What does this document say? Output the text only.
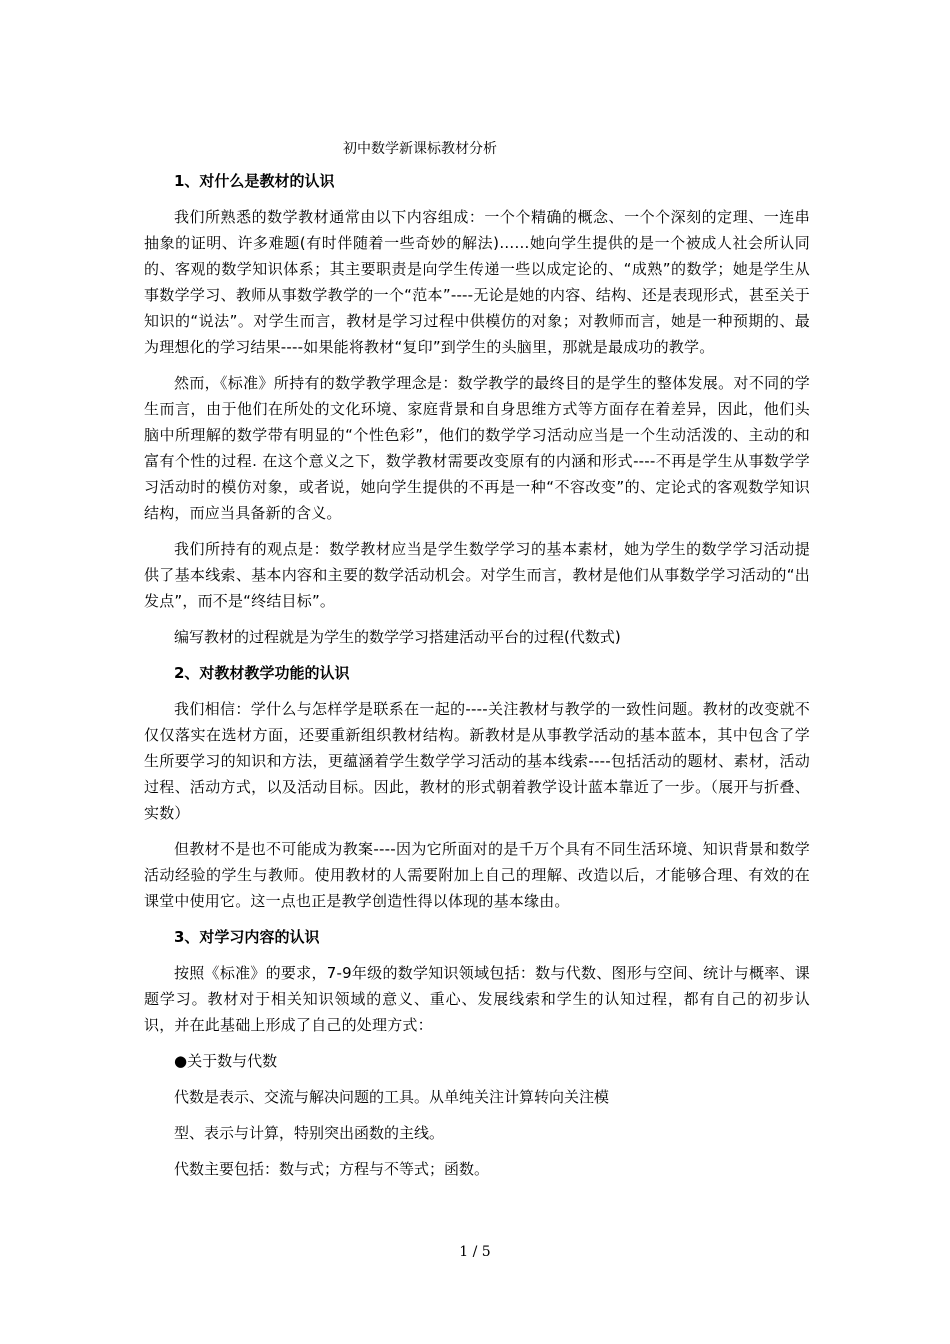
初中数学新课标教材分析
1、对什么是教材的认识
我们所熟悉的数学教材通常由以下内容组成：一个个精确的概念、一个个深刻的定理、一连串抽象的证明、许多难题(有时伴随着一些奇妙的解法)……她向学生提供的是一个被成人社会所认同的、客观的数学知识体系；其主要职责是向学生传递一些以成定论的、“成熟”的数学；她是学生从事数学学习、教师从事数学教学的一个“范本”----无论是她的内容、结构、还是表现形式，甚至关于知识的“说法”。对学生而言，教材是学习过程中供模仿的对象；对教师而言，她是一种预期的、最为理想化的学习结果----如果能将教材“复印”到学生的头脑里，那就是最成功的教学。
然而，《标准》所持有的数学教学理念是：数学教学的最终目的是学生的整体发展。对不同的学生而言，由于他们在所处的文化环境、家庭背景和自身思维方式等方面存在着差异，因此，他们头脑中所理解的数学带有明显的“个性色彩”，他们的数学学习活动应当是一个生动活泼的、主动的和富有个性的过程. 在这个意义之下，数学教材需要改变原有的内涵和形式----不再是学生从事数学学习活动时的模仿对象，或者说，她向学生提供的不再是一种“不容改变”的、定论式的客观数学知识结构，而应当具备新的含义。
我们所持有的观点是：数学教材应当是学生数学学习的基本素材，她为学生的数学学习活动提供了基本线索、基本内容和主要的数学活动机会。对学生而言，教材是他们从事数学学习活动的“出发点”，而不是“终结目标”。
编写教材的过程就是为学生的数学学习搭建活动平台的过程(代数式)
2、对教材教学功能的认识
我们相信：学什么与怎样学是联系在一起的----关注教材与教学的一致性问题。教材的改变就不仅仅落实在选材方面，还要重新组织教材结构。新教材是从事教学活动的基本蓝本，其中包含了学生所要学习的知识和方法，更蕴涵着学生数学学习活动的基本线索----包括活动的题材、素材，活动过程、活动方式，以及活动目标。因此，教材的形式朝着教学设计蓝本靠近了一步。（展开与折叠、实数）
但教材不是也不可能成为教案----因为它所面对的是千万个具有不同生活环境、知识背景和数学活动经验的学生与教师。使用教材的人需要附加上自己的理解、改造以后，才能够合理、有效的在课堂中使用它。这一点也正是教学创造性得以体现的基本缘由。
3、对学习内容的认识
按照《标准》的要求，7-9年级的数学知识领域包括：数与代数、图形与空间、统计与概率、课题学习。教材对于相关知识领域的意义、重心、发展线索和学生的认知过程，都有自己的初步认识，并在此基础上形成了自己的处理方式：
●关于数与代数
代数是表示、交流与解决问题的工具。从单纯关注计算转向关注模
型、表示与计算，特别突出函数的主线。
代数主要包括：数与式；方程与不等式；函数。
1 / 5
